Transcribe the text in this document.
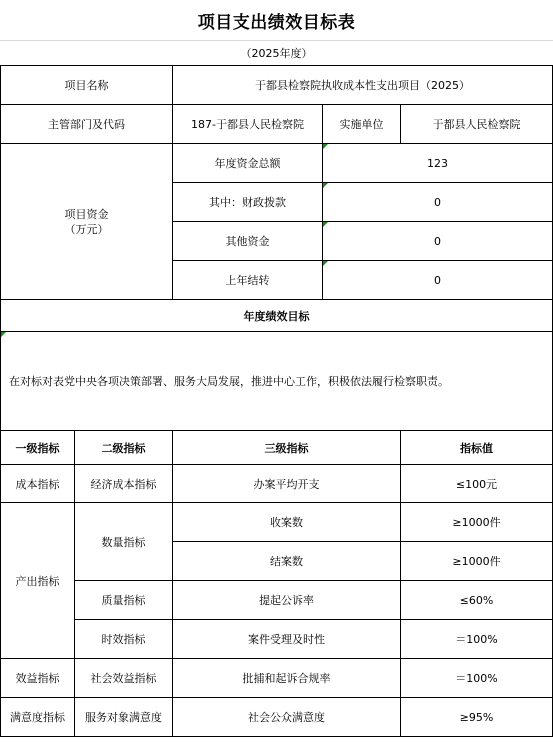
项目支出绩效目标表
（2025年度）
项目名称		于都县检察院执收成本性支出项目（2025）		
主管部门及代码		187-于都县人民检察院	实施单位	于都县人民检察院

项目资金
（万元）		年度资金总额	123	
		其中：财政拨款	0	
		其他资金	0	
		上年结转	0	
年度绩效目标				
在对标对表党中央各项决策部署、服务大局发展，推进中心工作，积极依法履行检察职责。				
一级指标	二级指标	三级指标		指标值
成本指标	经济成本指标	办案平均开支		≤100元
产出指标	数量指标	收案数		≥1000件
		结案数		≥1000件
	质量指标	提起公诉率		≤60%
	时效指标	案件受理及时性		＝100%
效益指标	社会效益指标	批捕和起诉合规率		＝100%
满意度指标	服务对象满意度	社会公众满意度		≥95%
